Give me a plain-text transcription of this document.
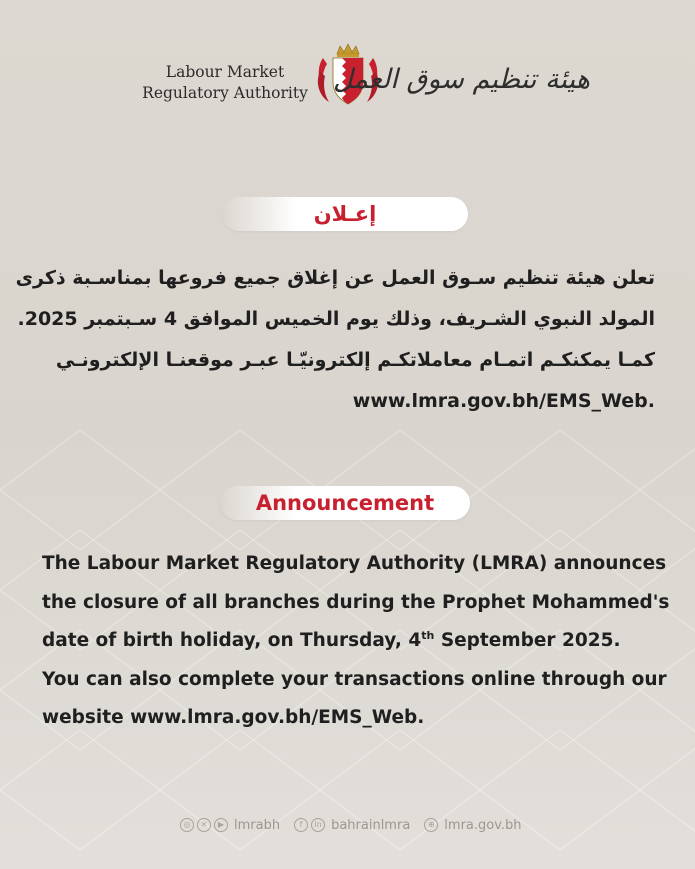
Labour Market
Regulatory Authority هيئة تنظيم سوق العمل
إعـلان
تعلن هيئة تنظيم سـوق العمل عن إغلاق جميع فروعها بمناسـبة ذكرى
المولد النبوي الشـريف، وذلك يوم الخميس الموافق 4 سـبتمبر 2025.
كمـا يمكنكـم اتمـام معاملاتكـم إلكترونيّـا عبـر موقعنـا الإلكترونـي
www.lmra.gov.bh/EMS_Web.
Announcement
The Labour Market Regulatory Authority (LMRA) announces
the closure of all branches during the Prophet Mohammed's
date of birth holiday, on Thursday, 4th September 2025.
You can also complete your transactions online through our
website www.lmra.gov.bh/EMS_Web.
◎	✕	▶ lmrabh	f	in bahrainlmra	⊕ lmra.gov.bh
